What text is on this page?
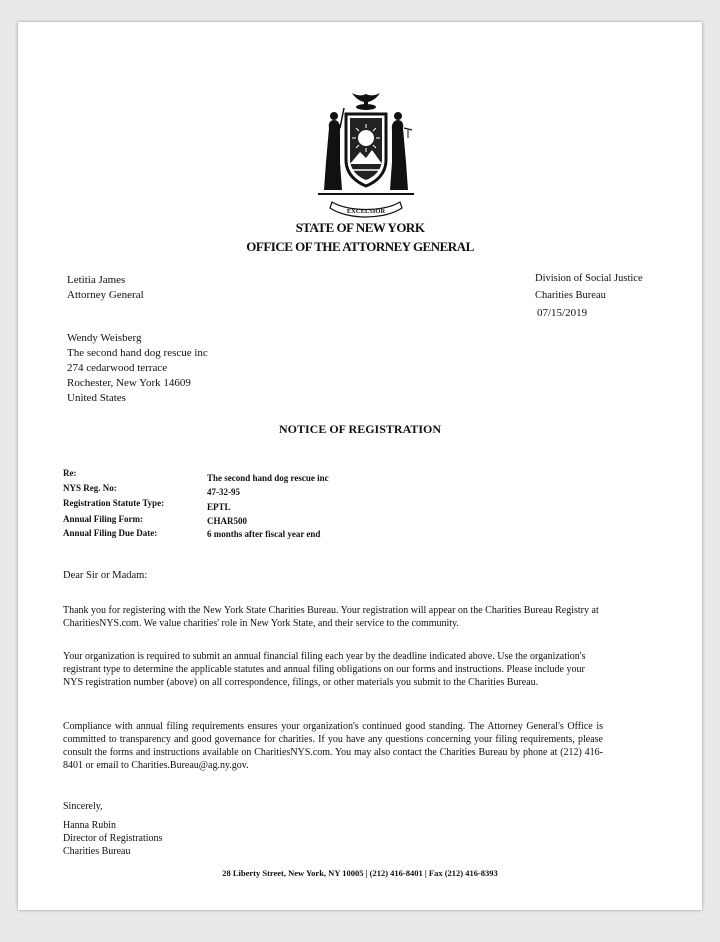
EXCELSIOR
STATE OF NEW YORK
OFFICE OF THE ATTORNEY GENERAL
Letitia James
Attorney General
Division of Social Justice
Charities Bureau
07/15/2019
Wendy Weisberg
The second hand dog rescue inc
274 cedarwood terrace
Rochester, New York 14609
United States
NOTICE OF REGISTRATION
Re:	The second hand dog rescue inc
NYS Reg. No:	47-32-95
Registration Statute Type:	EPTL
Annual Filing Form:	CHAR500
Annual Filing Due Date:	6 months after fiscal year end
Dear Sir or Madam:
Thank you for registering with the New York State Charities Bureau. Your registration will appear on the Charities Bureau Registry at CharitiesNYS.com. We value charities' role in New York State, and their service to the community.
Your organization is required to submit an annual financial filing each year by the deadline indicated above. Use the organization's registrant type to determine the applicable statutes and annual filing obligations on our forms and instructions. Please include your NYS registration number (above) on all correspondence, filings, or other materials you submit to the Charities Bureau.
Compliance with annual filing requirements ensures your organization's continued good standing. The Attorney General's Office is committed to transparency and good governance for charities. If you have any questions concerning your filing requirements, please consult the forms and instructions available on CharitiesNYS.com. You may also contact the Charities Bureau by phone at (212) 416-8401 or email to Charities.Bureau@ag.ny.gov.
Sincerely,
Hanna Rubin
Director of Registrations
Charities Bureau
28 Liberty Street, New York, NY 10005 | (212) 416-8401 | Fax (212) 416-8393
